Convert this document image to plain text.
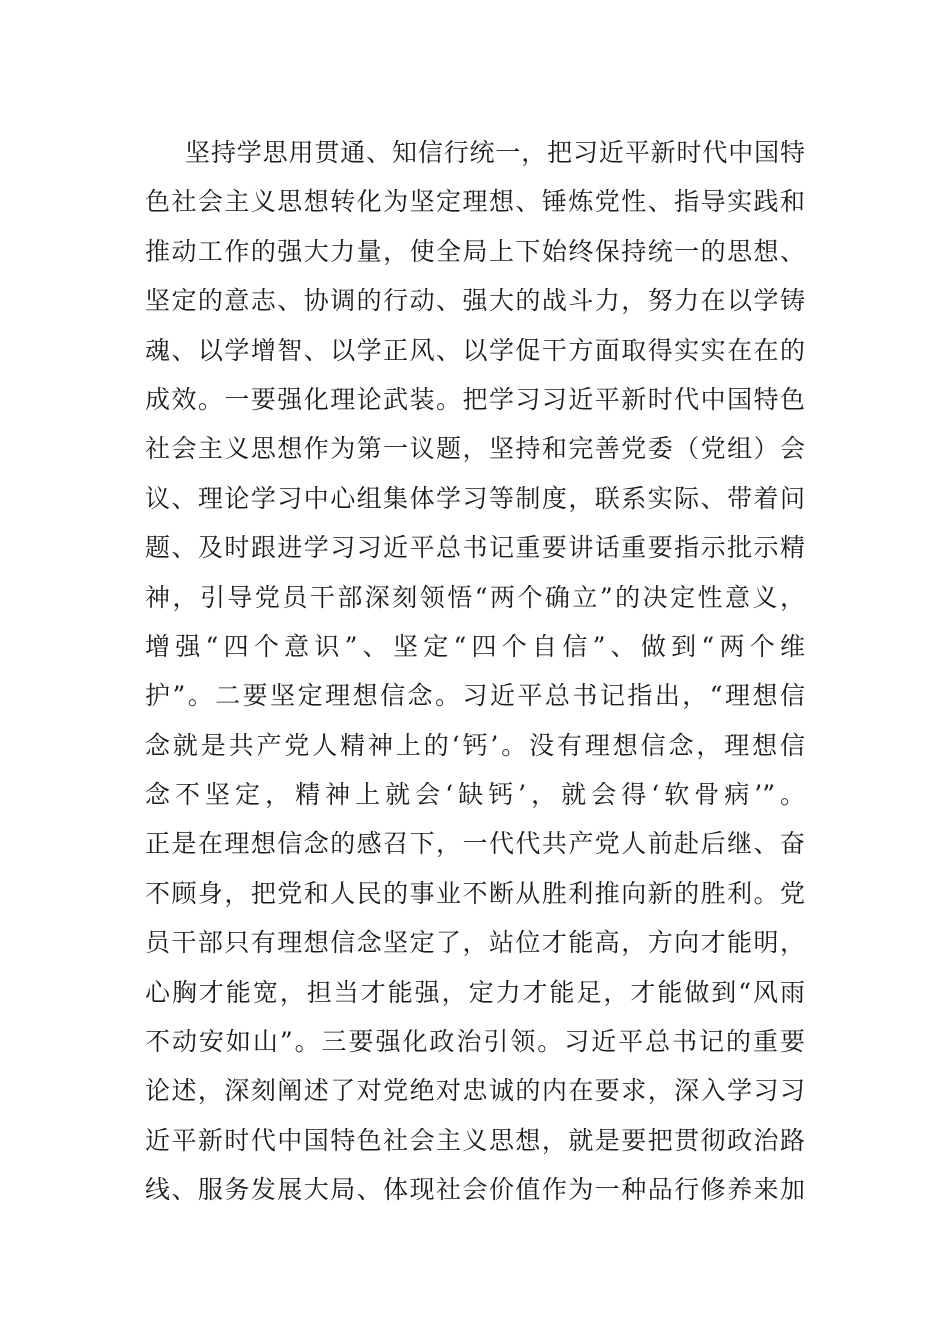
坚持学思用贯通、知信行统一，把习近平新时代中国特
色社会主义思想转化为坚定理想、锤炼党性、指导实践和
推动工作的强大力量，使全局上下始终保持统一的思想、
坚定的意志、协调的行动、强大的战斗力，努力在以学铸
魂、以学增智、以学正风、以学促干方面取得实实在在的
成效。一要强化理论武装。把学习习近平新时代中国特色
社会主义思想作为第一议题，坚持和完善党委（党组）会
议、理论学习中心组集体学习等制度，联系实际、带着问
题、及时跟进学习习近平总书记重要讲话重要指示批示精
神，引导党员干部深刻领悟“两个确立”的决定性意义，
增强“四个意识”、坚定“四个自信”、做到“两个维
护”。二要坚定理想信念。习近平总书记指出，“理想信
念就是共产党人精神上的‘钙’。没有理想信念，理想信
念不坚定，精神上就会‘缺钙’，就会得‘软骨病’”。
正是在理想信念的感召下，一代代共产党人前赴后继、奋
不顾身，把党和人民的事业不断从胜利推向新的胜利。党
员干部只有理想信念坚定了，站位才能高，方向才能明，
心胸才能宽，担当才能强，定力才能足，才能做到“风雨
不动安如山”。三要强化政治引领。习近平总书记的重要
论述，深刻阐述了对党绝对忠诚的内在要求，深入学习习
近平新时代中国特色社会主义思想，就是要把贯彻政治路
线、服务发展大局、体现社会价值作为一种品行修养来加
